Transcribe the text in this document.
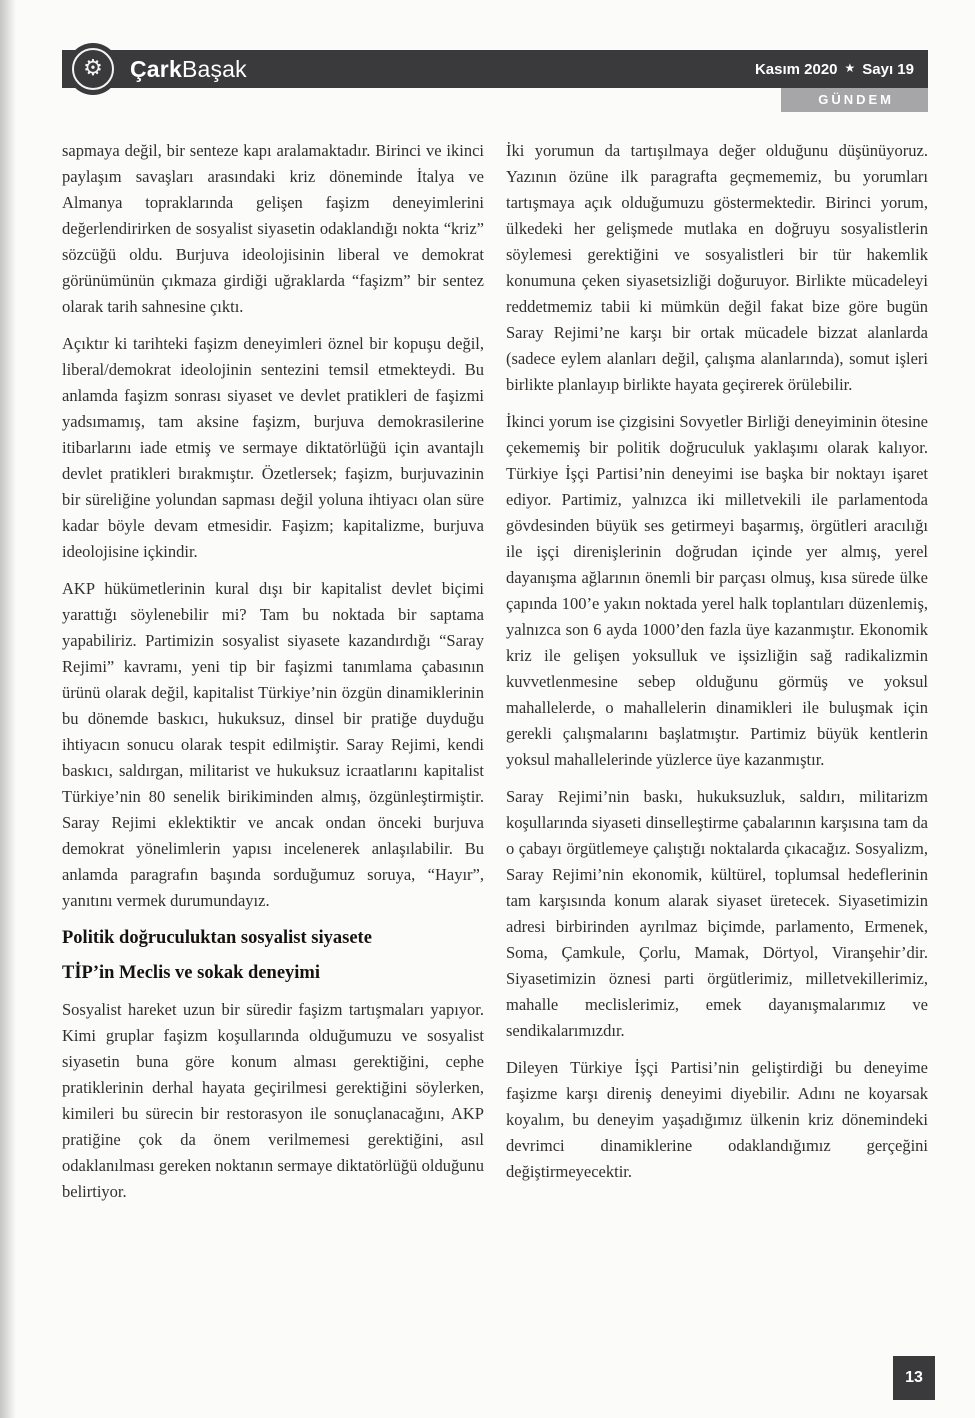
⚙ ÇarkBaşak	Kasım 2020 ★ Sayı 19
GÜNDEM

sapmaya değil, bir senteze kapı aralamaktadır. Birinci ve ikinci paylaşım savaşları arasındaki kriz döneminde İtalya ve Almanya topraklarında gelişen faşizm deneyimlerini değerlendirirken de sosyalist siyasetin odaklandığı nokta “kriz” sözcüğü oldu. Burjuva ideolojisinin liberal ve demokrat görünümünün çıkmaza girdiği uğraklarda “faşizm” bir sentez olarak tarih sahnesine çıktı.

Açıktır ki tarihteki faşizm deneyimleri öznel bir kopuşu değil, liberal/demokrat ideolojinin sentezini temsil etmekteydi. Bu anlamda faşizm sonrası siyaset ve devlet pratikleri de faşizmi yadsımamış, tam aksine faşizm, burjuva demokrasilerine itibarlarını iade etmiş ve sermaye diktatörlüğü için avantajlı devlet pratikleri bırakmıştır. Özetlersek; faşizm, burjuvazinin bir süreliğine yolundan sapması değil yoluna ihtiyacı olan süre kadar böyle devam etmesidir. Faşizm; kapitalizme, burjuva ideolojisine içkindir.

AKP hükümetlerinin kural dışı bir kapitalist devlet biçimi yarattığı söylenebilir mi? Tam bu noktada bir saptama yapabiliriz. Partimizin sosyalist siyasete kazandırdığı “Saray Rejimi” kavramı, yeni tip bir faşizmi tanımlama çabasının ürünü olarak değil, kapitalist Türkiye’nin özgün dinamiklerinin bu dönemde baskıcı, hukuksuz, dinsel bir pratiğe duyduğu ihtiyacın sonucu olarak tespit edilmiştir. Saray Rejimi, kendi baskıcı, saldırgan, militarist ve hukuksuz icraatlarını kapitalist Türkiye’nin 80 senelik birikiminden almış, özgünleştirmiştir. Saray Rejimi eklektiktir ve ancak ondan önceki burjuva demokrat yönelimlerin yapısı incelenerek anlaşılabilir. Bu anlamda paragrafın başında sorduğumuz soruya, “Hayır”, yanıtını vermek durumundayız.

Politik doğruculuktan sosyalist siyasete
TİP’in Meclis ve sokak deneyimi

Sosyalist hareket uzun bir süredir faşizm tartışmaları yapıyor. Kimi gruplar faşizm koşullarında olduğumuzu ve sosyalist siyasetin buna göre konum alması gerektiğini, cephe pratiklerinin derhal hayata geçirilmesi gerektiğini söylerken, kimileri bu sürecin bir restorasyon ile sonuçlanacağını, AKP pratiğine çok da önem verilmemesi gerektiğini, asıl odaklanılması gereken noktanın sermaye diktatörlüğü olduğunu belirtiyor.

İki yorumun da tartışılmaya değer olduğunu düşünüyoruz. Yazının özüne ilk paragrafta geçmememiz, bu yorumları tartışmaya açık olduğumuzu göstermektedir. Birinci yorum, ülkedeki her gelişmede mutlaka en doğruyu sosyalistlerin söylemesi gerektiğini ve sosyalistleri bir tür hakemlik konumuna çeken siyasetsizliği doğuruyor. Birlikte mücadeleyi reddetmemiz tabii ki mümkün değil fakat bize göre bugün Saray Rejimi’ne karşı bir ortak mücadele bizzat alanlarda (sadece eylem alanları değil, çalışma alanlarında), somut işleri birlikte planlayıp birlikte hayata geçirerek örülebilir.

İkinci yorum ise çizgisini Sovyetler Birliği deneyiminin ötesine çekememiş bir politik doğruculuk yaklaşımı olarak kalıyor. Türkiye İşçi Partisi’nin deneyimi ise başka bir noktayı işaret ediyor. Partimiz, yalnızca iki milletvekili ile parlamentoda gövdesinden büyük ses getirmeyi başarmış, örgütleri aracılığı ile işçi direnişlerinin doğrudan içinde yer almış, yerel dayanışma ağlarının önemli bir parçası olmuş, kısa sürede ülke çapında 100’e yakın noktada yerel halk toplantıları düzenlemiş, yalnızca son 6 ayda 1000’den fazla üye kazanmıştır. Ekonomik kriz ile gelişen yoksulluk ve işsizliğin sağ radikalizmin kuvvetlenmesine sebep olduğunu görmüş ve yoksul mahallelerde, o mahallelerin dinamikleri ile buluşmak için gerekli çalışmalarını başlatmıştır. Partimiz büyük kentlerin yoksul mahallelerinde yüzlerce üye kazanmıştır.

Saray Rejimi’nin baskı, hukuksuzluk, saldırı, militarizm koşullarında siyaseti dinselleştirme çabalarının karşısına tam da o çabayı örgütlemeye çalıştığı noktalarda çıkacağız. Sosyalizm, Saray Rejimi’nin ekonomik, kültürel, toplumsal hedeflerinin tam karşısında konum alarak siyaset üretecek. Siyasetimizin adresi birbirinden ayrılmaz biçimde, parlamento, Ermenek, Soma, Çamkule, Çorlu, Mamak, Dörtyol, Viranşehir’dir. Siyasetimizin öznesi parti örgütlerimiz, milletvekillerimiz, mahalle meclislerimiz, emek dayanışmalarımız ve sendikalarımızdır.

Dileyen Türkiye İşçi Partisi’nin geliştirdiği bu deneyime faşizme karşı direniş deneyimi diyebilir. Adını ne koyarsak koyalım, bu deneyim yaşadığımız ülkenin kriz dönemindeki devrimci dinamiklerine odaklandığımız gerçeğini değiştirmeyecektir.

13
